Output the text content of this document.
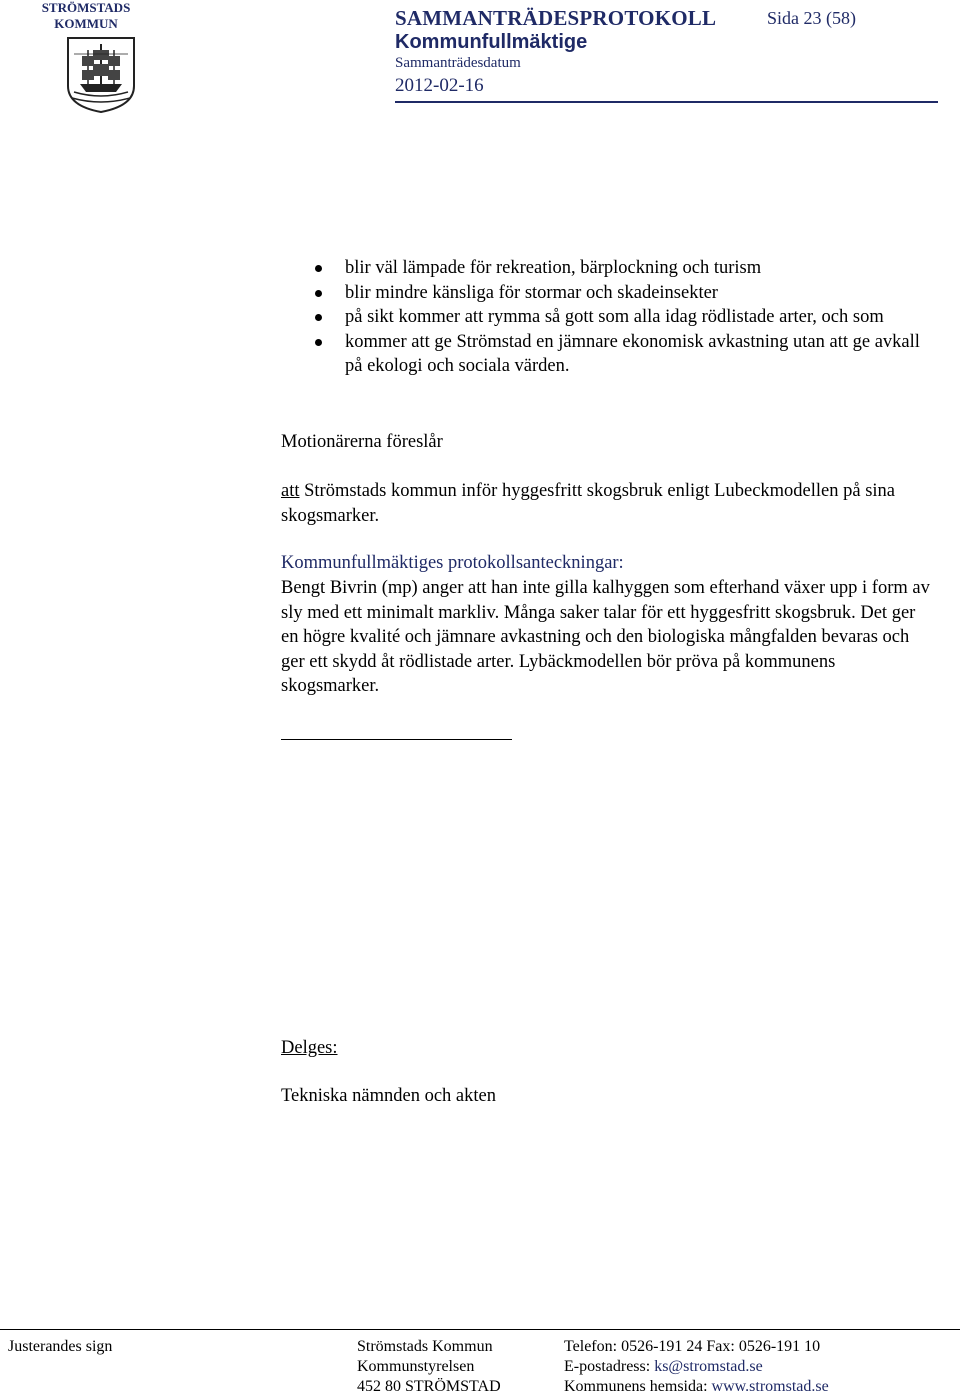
STRÖMSTADS
KOMMUN	SAMMANTRÄDESPROTOKOLL	Sida 23 (58)
Kommunfullmäktige
Sammanträdesdatum
2012-02-16
blir väl lämpade för rekreation, bärplockning och turism
blir mindre känsliga för stormar och skadeinsekter
på sikt kommer att rymma så gott som alla idag rödlistade arter, och som
kommer att ge Strömstad en jämnare ekonomisk avkastning utan att ge avkall på ekologi och sociala värden.
Motionärerna föreslår
att Strömstads kommun inför hyggesfritt skogsbruk enligt Lubeckmodellen på sina skogsmarker.
Kommunfullmäktiges protokollsanteckningar:
Bengt Bivrin (mp) anger att han inte gilla kalhyggen som efterhand växer upp i form av sly med ett minimalt markliv. Många saker talar för ett hyggesfritt skogsbruk. Det ger en högre kvalité och jämnare avkastning och den biologiska mångfalden bevaras och ger ett skydd åt rödlistade arter. Lybäckmodellen bör pröva på kommunens skogsmarker.
Delges:
Tekniska nämnden och akten
Justerandes sign	Strömstads Kommun
Kommunstyrelsen
452 80 STRÖMSTAD
Telefon: 0526-191 24 Fax: 0526-191 10
E-postadress: ks@stromstad.se
Kommunens hemsida: www.stromstad.se
